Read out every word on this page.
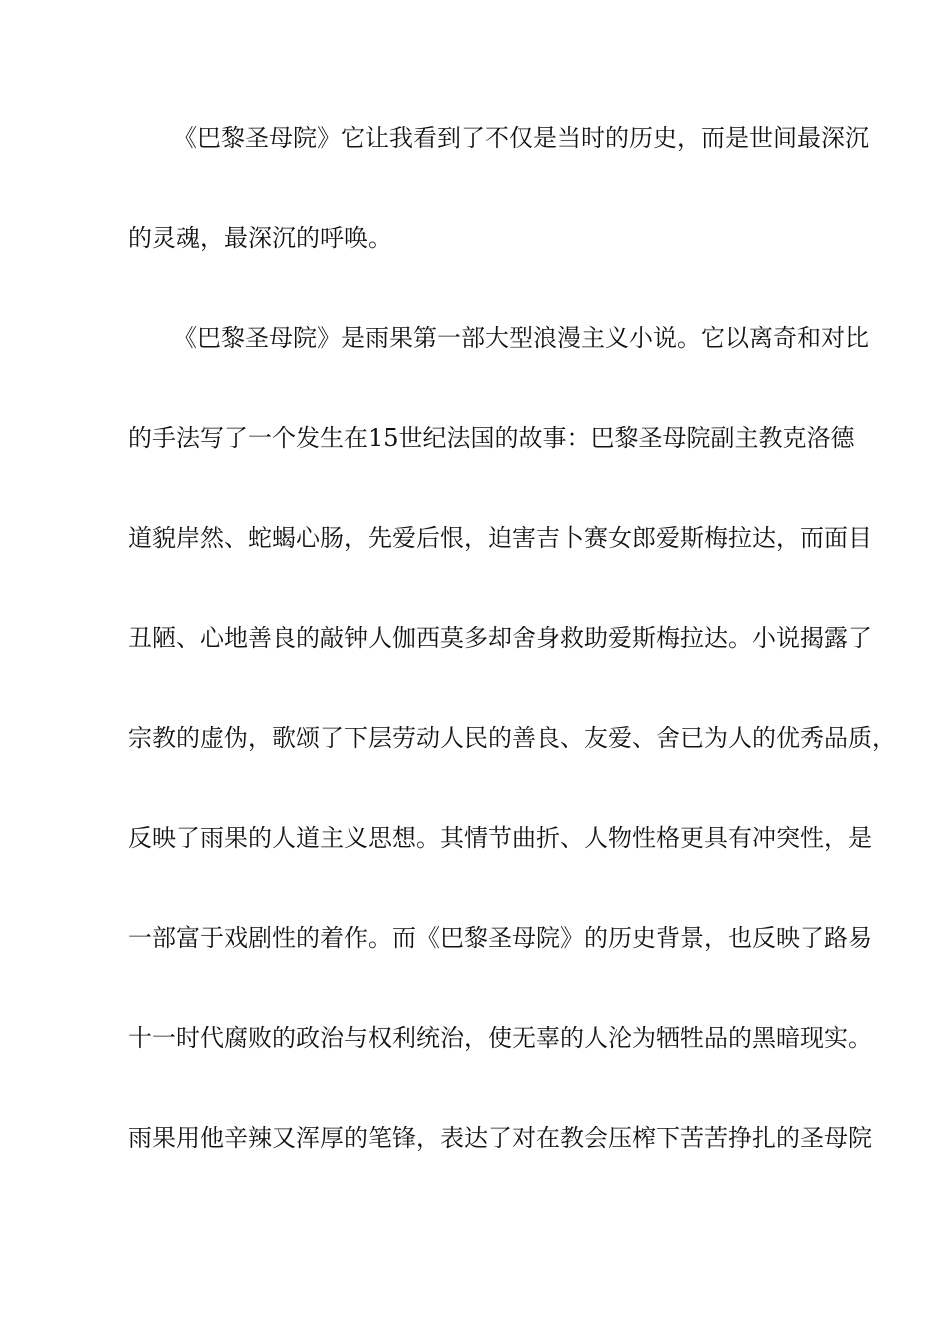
《巴黎圣母院》它让我看到了不仅是当时的历史，而是世间最深沉
的灵魂，最深沉的呼唤。
《巴黎圣母院》是雨果第一部大型浪漫主义小说。它以离奇和对比
的手法写了一个发生在15世纪法国的故事：巴黎圣母院副主教克洛德
道貌岸然、蛇蝎心肠，先爱后恨，迫害吉卜赛女郎爱斯梅拉达，而面目
丑陋、心地善良的敲钟人伽西莫多却舍身救助爱斯梅拉达。小说揭露了
宗教的虚伪，歌颂了下层劳动人民的善良、友爱、舍已为人的优秀品质，
反映了雨果的人道主义思想。其情节曲折、人物性格更具有冲突性，是
一部富于戏剧性的着作。而《巴黎圣母院》的历史背景，也反映了路易
十一时代腐败的政治与权利统治，使无辜的人沦为牺牲品的黑暗现实。
雨果用他辛辣又浑厚的笔锋，表达了对在教会压榨下苦苦挣扎的圣母院
